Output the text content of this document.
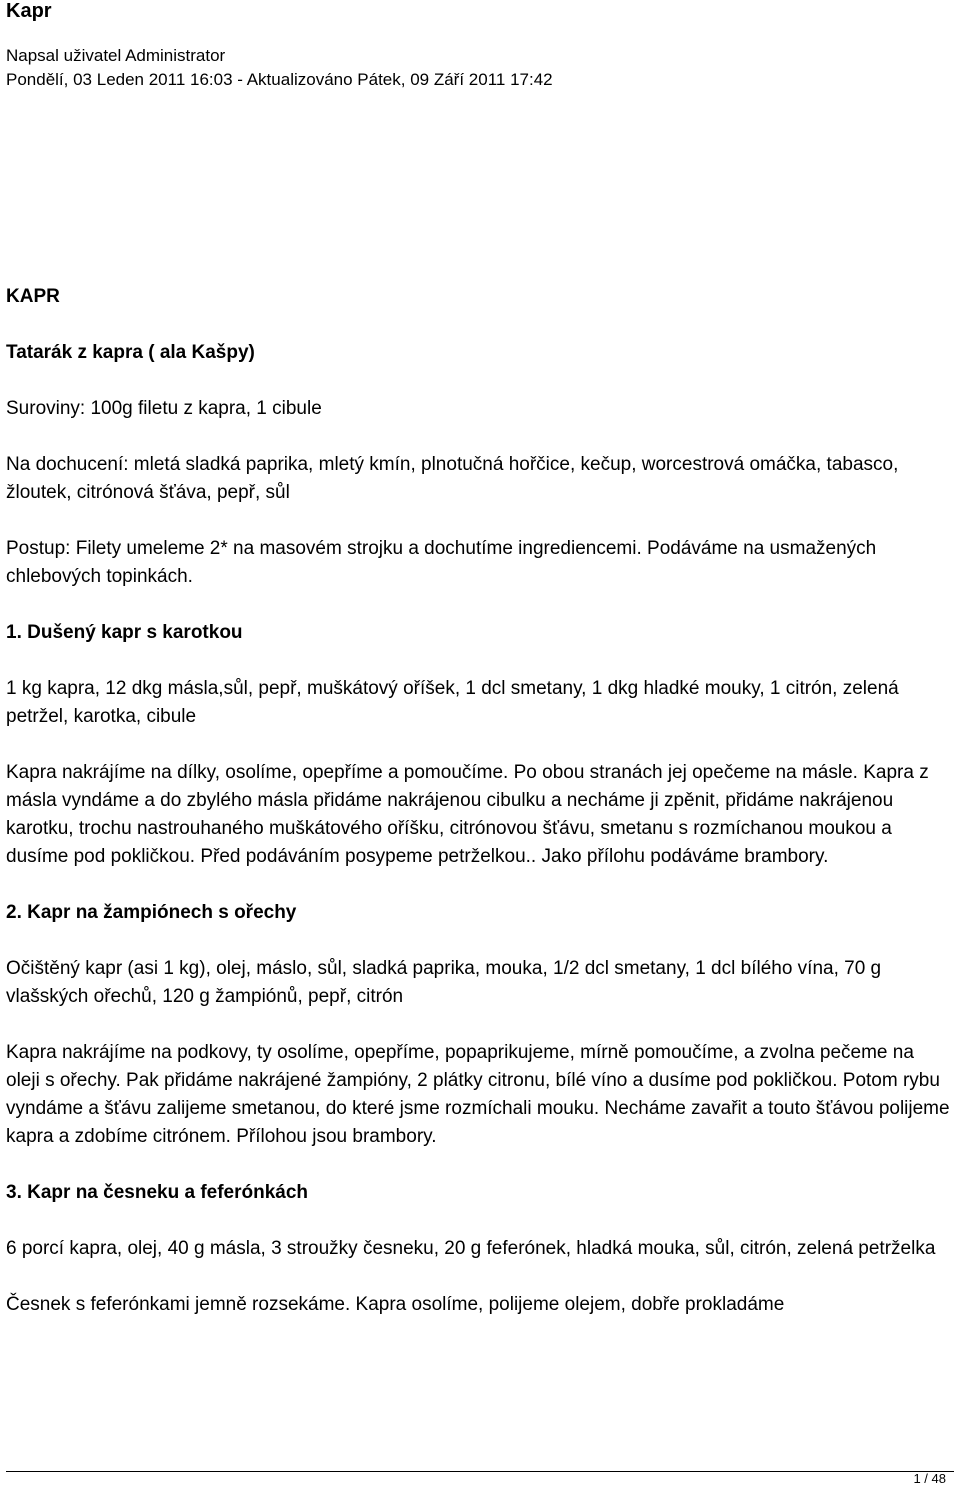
Kapr
Napsal uživatel Administrator
Pondělí, 03 Leden 2011 16:03 - Aktualizováno Pátek, 09 Září 2011 17:42

KAPR

Tatarák z kapra ( ala Kašpy)

Suroviny: 100g filetu z kapra, 1 cibule

Na dochucení: mletá sladká paprika, mletý kmín, plnotučná hořčice, kečup, worcestrová omáčka, tabasco, žloutek, citrónová šťáva, pepř, sůl

Postup: Filety umeleme 2* na masovém strojku a dochutíme ingrediencemi. Podáváme na usmažených chlebových topinkách.

1. Dušený kapr s karotkou

1 kg kapra, 12 dkg másla,sůl, pepř, muškátový oříšek, 1 dcl smetany, 1 dkg hladké mouky, 1 citrón, zelená petržel, karotka, cibule

Kapra nakrájíme na dílky, osolíme, opepříme a pomoučíme. Po obou stranách jej opečeme na másle. Kapra z másla vyndáme a do zbylého másla přidáme nakrájenou cibulku a necháme ji zpěnit, přidáme nakrájenou karotku, trochu nastrouhaného muškátového oříšku, citrónovou šťávu, smetanu s rozmíchanou moukou a dusíme pod pokličkou. Před podáváním posypeme petrželkou.. Jako přílohu podáváme brambory.

2. Kapr na žampiónech s ořechy

Očištěný kapr (asi 1 kg), olej, máslo, sůl, sladká paprika, mouka, 1/2 dcl smetany, 1 dcl bílého vína, 70 g vlašských ořechů, 120 g žampiónů, pepř, citrón

Kapra nakrájíme na podkovy, ty osolíme, opepříme, popaprikujeme, mírně pomoučíme, a zvolna pečeme na oleji s ořechy. Pak přidáme nakrájené žampióny, 2 plátky citronu, bílé víno a dusíme pod pokličkou. Potom rybu vyndáme a šťávu zalijeme smetanou, do které jsme rozmíchali mouku. Necháme zavařit a touto šťávou polijeme kapra a zdobíme citrónem. Přílohou jsou brambory.

3. Kapr na česneku a feferónkách

6 porcí kapra, olej, 40 g másla, 3 stroužky česneku, 20 g feferónek, hladká mouka, sůl, citrón, zelená petrželka

Česnek s feferónkami jemně rozsekáme. Kapra osolíme, polijeme olejem, dobře prokladáme

1 / 48
